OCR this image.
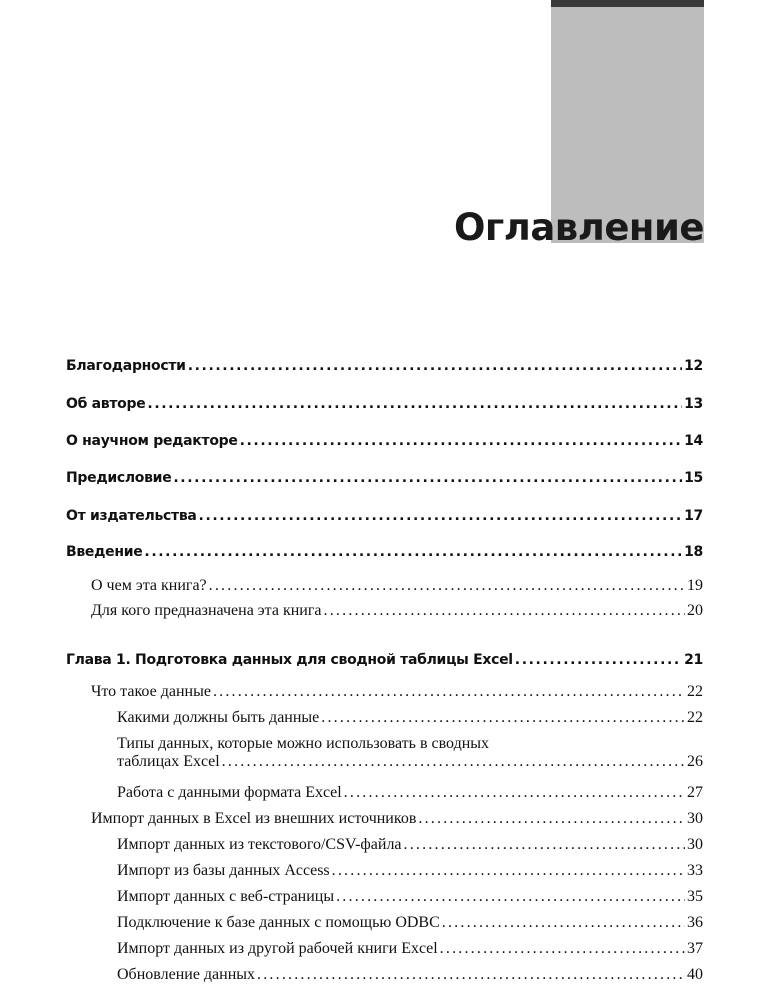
Оглавление
Благодарности .....	12
Об авторе .....	13
О научном редакторе .....	14
Предисловие .....	15
От издательства .....	17
Введение .....	18
О чем эта книга? .....	19
Для кого предназначена эта книга .....	20
Глава 1. Подготовка данных для сводной таблицы Excel .....	21
Что такое данные .....	22
Какими должны быть данные .....	22
Типы данных, которые можно использовать в сводных
таблицах Excel .....	26
Работа с данными формата Excel .....	27
Импорт данных в Excel из внешних источников .....	30
Импорт данных из текстового/CSV-файла .....	30
Импорт из базы данных Access .....	33
Импорт данных с веб-страницы .....	35
Подключение к базе данных с помощью ODBC .....	36
Импорт данных из другой рабочей книги Excel .....	37
Обновление данных .....	40
